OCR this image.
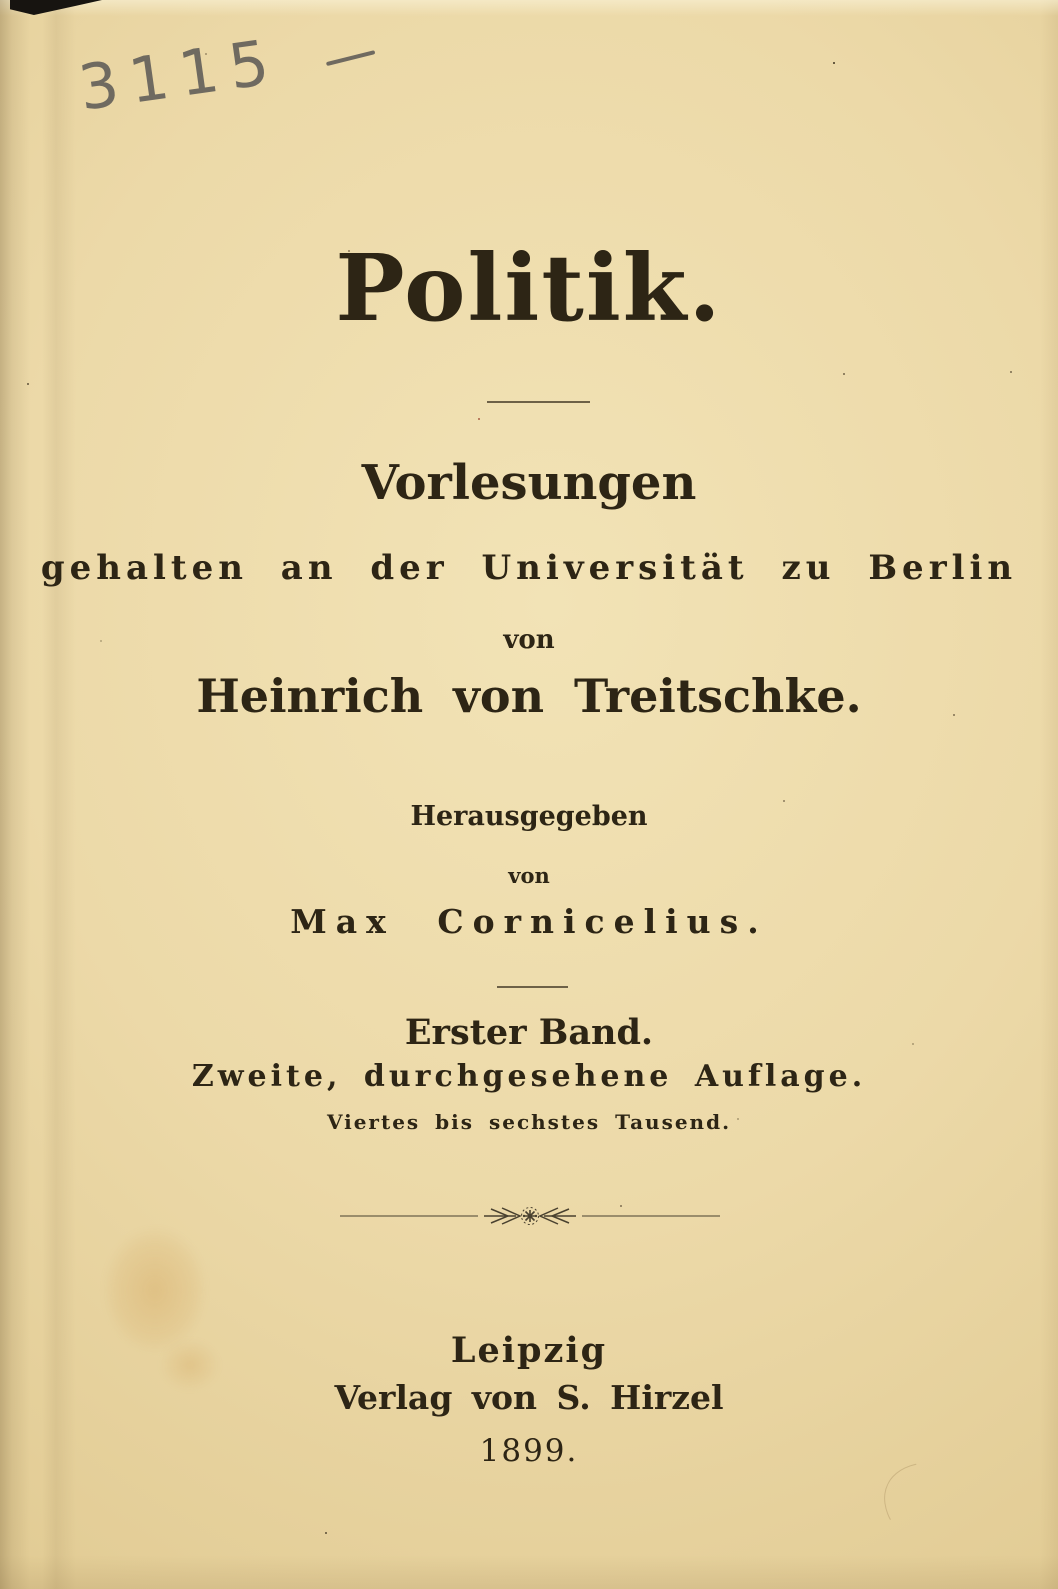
3115
Politik.
Vorlesungen
gehalten an der Universität zu Berlin
von
Heinrich von Treitschke.
Herausgegeben
von
Max Cornicelius.
Erster Band.
Zweite, durchgesehene Auflage.
Viertes bis sechstes Tausend.
Leipzig
Verlag von S. Hirzel
1899.
